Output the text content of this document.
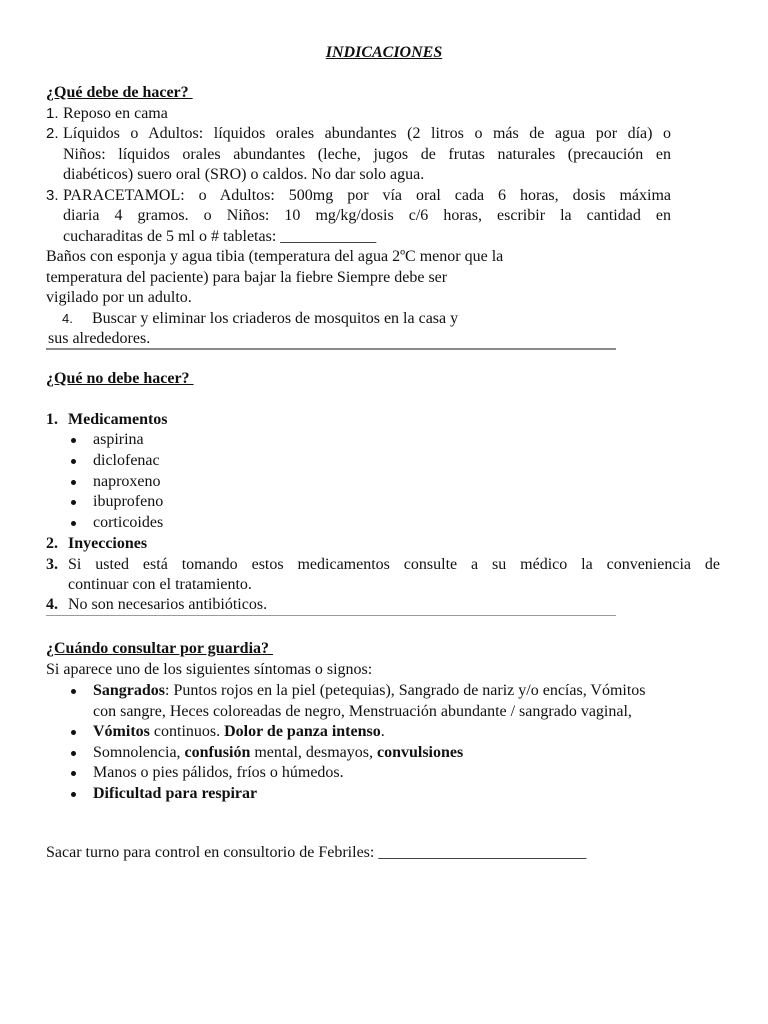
INDICACIONES
¿Qué debe de hacer?
1. Reposo en cama
2. Líquidos o Adultos: líquidos orales abundantes (2 litros o más de agua por día) o
Niños: líquidos orales abundantes (leche, jugos de frutas naturales (precaución en
diabéticos) suero oral (SRO) o caldos. No dar solo agua.
3. PARACETAMOL: o Adultos: 500mg por vía oral cada 6 horas, dosis máxima
diaria 4 gramos. o Niños: 10 mg/kg/dosis c/6 horas, escribir la cantidad en
cucharaditas de 5 ml o # tabletas: ____________
Baños con esponja y agua tibia (temperatura del agua 2ºC menor que la
temperatura del paciente) para bajar la fiebre Siempre debe ser
vigilado por un adulto.
4. Buscar y eliminar los criaderos de mosquitos en la casa y
sus alrededores.
¿Qué no debe hacer?
1. Medicamentos
aspirina
diclofenac
naproxeno
ibuprofeno
corticoides
2. Inyecciones
3. Si usted está tomando estos medicamentos consulte a su médico la conveniencia de
continuar con el tratamiento.
4. No son necesarios antibióticos.
¿Cuándo consultar por guardia?
Si aparece uno de los siguientes síntomas o signos:
Sangrados: Puntos rojos en la piel (petequias), Sangrado de nariz y/o encías, Vómitos
con sangre, Heces coloreadas de negro, Menstruación abundante / sangrado vaginal,
Vómitos continuos. Dolor de panza intenso.
Somnolencia, confusión mental, desmayos, convulsiones
Manos o pies pálidos, fríos o húmedos.
Dificultad para respirar
Sacar turno para control en consultorio de Febriles: __________________________
